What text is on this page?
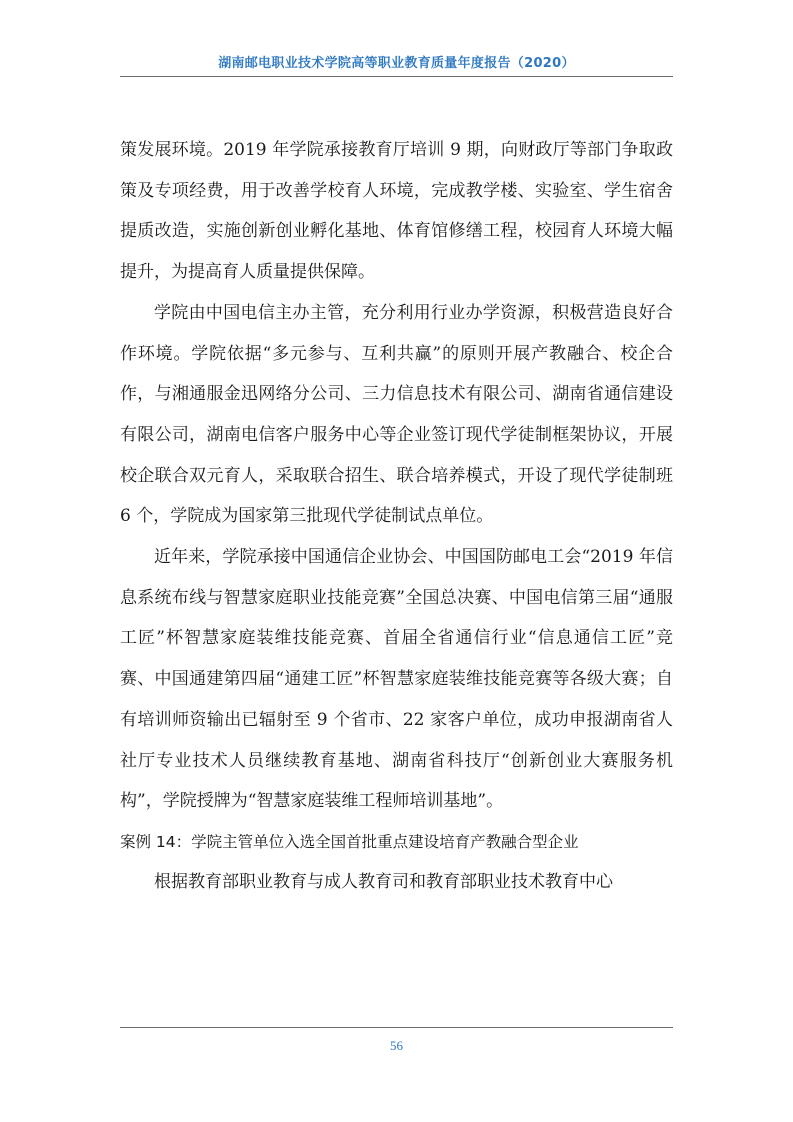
湖南邮电职业技术学院高等职业教育质量年度报告（2020）

策发展环境。2019 年学院承接教育厅培训 9 期，向财政厅等部门争取政策及专项经费，用于改善学校育人环境，完成教学楼、实验室、学生宿舍提质改造，实施创新创业孵化基地、体育馆修缮工程，校园育人环境大幅提升，为提高育人质量提供保障。

学院由中国电信主办主管，充分利用行业办学资源，积极营造良好合作环境。学院依据“多元参与、互利共赢”的原则开展产教融合、校企合作，与湘通服金迅网络分公司、三力信息技术有限公司、湖南省通信建设有限公司，湖南电信客户服务中心等企业签订现代学徒制框架协议，开展校企联合双元育人，采取联合招生、联合培养模式，开设了现代学徒制班 6 个，学院成为国家第三批现代学徒制试点单位。

近年来，学院承接中国通信企业协会、中国国防邮电工会“2019 年信息系统布线与智慧家庭职业技能竞赛”全国总决赛、中国电信第三届“通服工匠”杯智慧家庭装维技能竞赛、首届全省通信行业“信息通信工匠”竞赛、中国通建第四届“通建工匠”杯智慧家庭装维技能竞赛等各级大赛；自有培训师资输出已辐射至 9 个省市、22 家客户单位，成功申报湖南省人社厅专业技术人员继续教育基地、湖南省科技厅“创新创业大赛服务机构”，学院授牌为“智慧家庭装维工程师培训基地”。

案例 14：学院主管单位入选全国首批重点建设培育产教融合型企业

根据教育部职业教育与成人教育司和教育部职业技术教育中心

56
